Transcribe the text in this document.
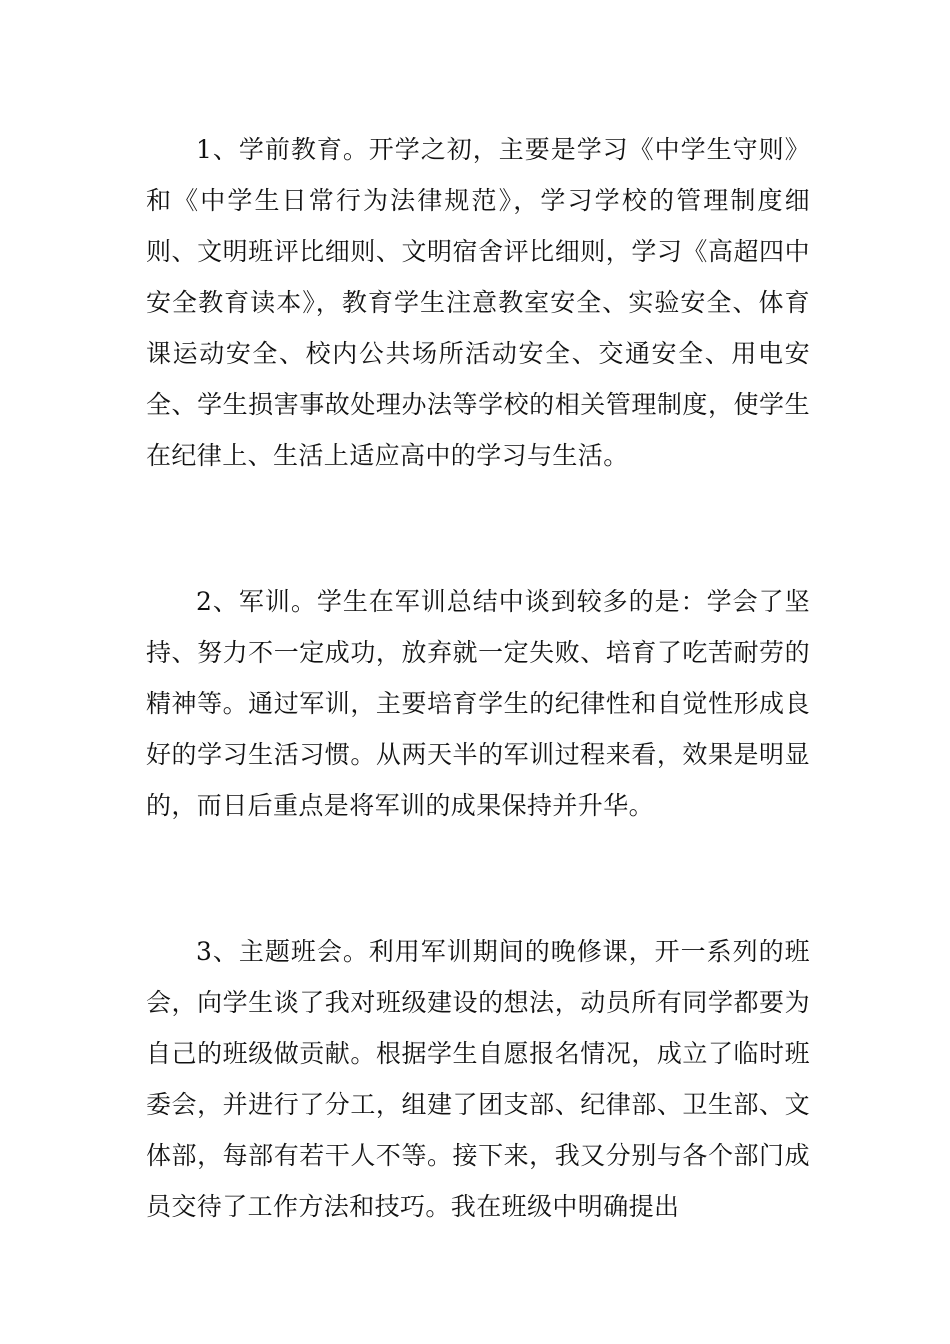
1、学前教育。开学之初，主要是学习《中学生守则》和《中学生日常行为法律规范》，学习学校的管理制度细则、文明班评比细则、文明宿舍评比细则，学习《高超四中安全教育读本》，教育学生注意教室安全、实验安全、体育课运动安全、校内公共场所活动安全、交通安全、用电安全、学生损害事故处理办法等学校的相关管理制度，使学生在纪律上、生活上适应高中的学习与生活。

2、军训。学生在军训总结中谈到较多的是：学会了坚持、努力不一定成功，放弃就一定失败、培育了吃苦耐劳的精神等。通过军训，主要培育学生的纪律性和自觉性形成良好的学习生活习惯。从两天半的军训过程来看，效果是明显的，而日后重点是将军训的成果保持并升华。

3、主题班会。利用军训期间的晚修课，开一系列的班会，向学生谈了我对班级建设的想法，动员所有同学都要为自己的班级做贡献。根据学生自愿报名情况，成立了临时班委会，并进行了分工，组建了团支部、纪律部、卫生部、文体部，每部有若干人不等。接下来，我又分别与各个部门成员交待了工作方法和技巧。我在班级中明确提出
